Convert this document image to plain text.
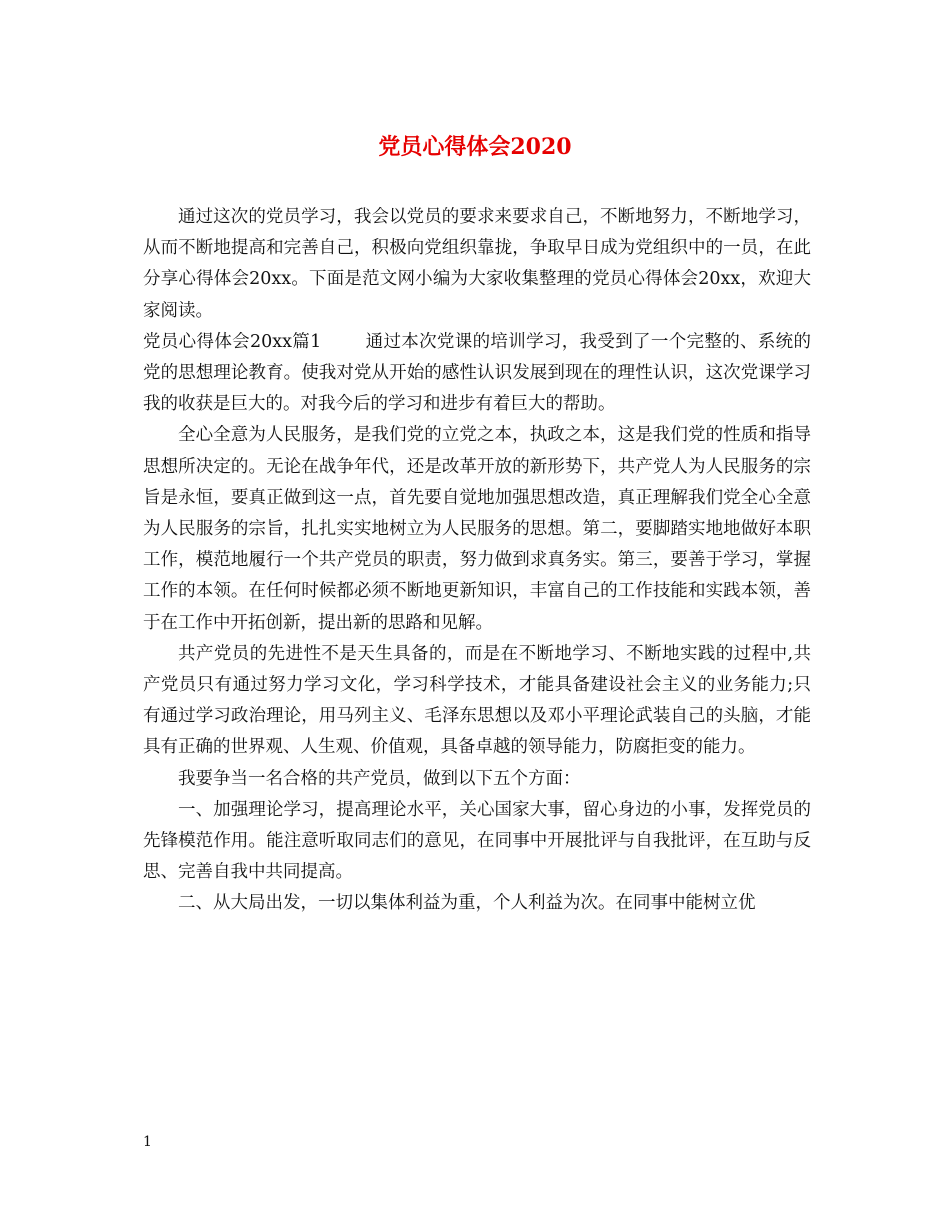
党员心得体会2020

通过这次的党员学习，我会以党员的要求来要求自己，不断地努力，不断地学习，从而不断地提高和完善自己，积极向党组织靠拢，争取早日成为党组织中的一员，在此分享心得体会20xx。下面是范文网小编为大家收集整理的党员心得体会20xx，欢迎大家阅读。

党员心得体会20xx篇1	通过本次党课的培训学习，我受到了一个完整的、系统的党的思想理论教育。使我对党从开始的感性认识发展到现在的理性认识，这次党课学习我的收获是巨大的。对我今后的学习和进步有着巨大的帮助。

全心全意为人民服务，是我们党的立党之本，执政之本，这是我们党的性质和指导思想所决定的。无论在战争年代，还是改革开放的新形势下，共产党人为人民服务的宗旨是永恒，要真正做到这一点，首先要自觉地加强思想改造，真正理解我们党全心全意为人民服务的宗旨，扎扎实实地树立为人民服务的思想。第二，要脚踏实地地做好本职工作，模范地履行一个共产党员的职责，努力做到求真务实。第三，要善于学习，掌握工作的本领。在任何时候都必须不断地更新知识，丰富自己的工作技能和实践本领，善于在工作中开拓创新，提出新的思路和见解。

共产党员的先进性不是天生具备的，而是在不断地学习、不断地实践的过程中,共产党员只有通过努力学习文化，学习科学技术，才能具备建设社会主义的业务能力;只有通过学习政治理论，用马列主义、毛泽东思想以及邓小平理论武装自己的头脑，才能具有正确的世界观、人生观、价值观，具备卓越的领导能力，防腐拒变的能力。

我要争当一名合格的共产党员，做到以下五个方面：

一、加强理论学习，提高理论水平，关心国家大事，留心身边的小事，发挥党员的先锋模范作用。能注意听取同志们的意见，在同事中开展批评与自我批评，在互助与反思、完善自我中共同提高。

二、从大局出发，一切以集体利益为重，个人利益为次。在同事中能树立优

1
